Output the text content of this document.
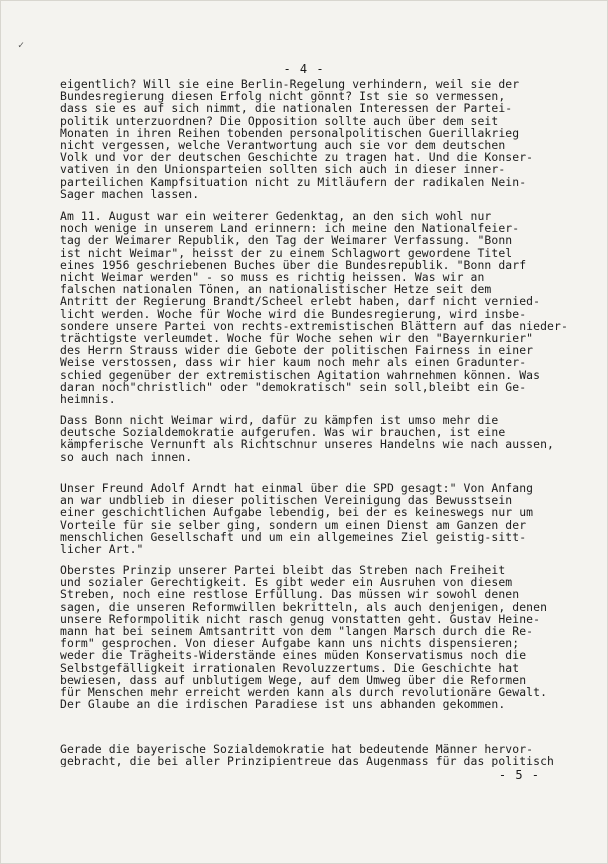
✓
- 4 -

eigentlich? Will sie eine Berlin-Regelung verhindern, weil sie der
Bundesregierung diesen Erfolg nicht gönnt? Ist sie so vermessen,
dass sie es auf sich nimmt, die nationalen Interessen der Partei-
politik unterzuordnen? Die Opposition sollte auch über dem seit
Monaten in ihren Reihen tobenden personalpolitischen Guerillakrieg
nicht vergessen, welche Verantwortung auch sie vor dem deutschen
Volk und vor der deutschen Geschichte zu tragen hat. Und die Konser-
vativen in den Unionsparteien sollten sich auch in dieser inner-
parteilichen Kampfsituation nicht zu Mitläufern der radikalen Nein-
Sager machen lassen.

Am 11. August war ein weiterer Gedenktag, an den sich wohl nur
noch wenige in unserem Land erinnern: ich meine den Nationalfeier-
tag der Weimarer Republik, den Tag der Weimarer Verfassung. "Bonn
ist nicht Weimar", heisst der zu einem Schlagwort gewordene Titel
eines 1956 geschriebenen Buches über die Bundesrepublik. "Bonn darf
nicht Weimar werden" - so muss es richtig heissen. Was wir an
falschen nationalen Tönen, an nationalistischer Hetze seit dem
Antritt der Regierung Brandt/Scheel erlebt haben, darf nicht vernied-
licht werden. Woche für Woche wird die Bundesregierung, wird insbe-
sondere unsere Partei von rechts-extremistischen Blättern auf das nieder-
trächtigste verleumdet. Woche für Woche sehen wir den "Bayernkurier"
des Herrn Strauss wider die Gebote der politischen Fairness in einer
Weise verstossen, dass wir hier kaum noch mehr als einen Gradunter-
schied gegenüber der extremistischen Agitation wahrnehmen können. Was
daran noch"christlich" oder "demokratisch" sein soll,bleibt ein Ge-
heimnis.

Dass Bonn nicht Weimar wird, dafür zu kämpfen ist umso mehr die
deutsche Sozialdemokratie aufgerufen. Was wir brauchen, ist eine
kämpferische Vernunft als Richtschnur unseres Handelns wie nach aussen,
so auch nach innen.

Unser Freund Adolf Arndt hat einmal über die SPD gesagt:" Von Anfang
an war undblieb in dieser politischen Vereinigung das Bewusstsein
einer geschichtlichen Aufgabe lebendig, bei der es keineswegs nur um
Vorteile für sie selber ging, sondern um einen Dienst am Ganzen der
menschlichen Gesellschaft und um ein allgemeines Ziel geistig-sitt-
licher Art."

Oberstes Prinzip unserer Partei bleibt das Streben nach Freiheit
und sozialer Gerechtigkeit. Es gibt weder ein Ausruhen von diesem
Streben, noch eine restlose Erfüllung. Das müssen wir sowohl denen
sagen, die unseren Reformwillen bekritteln, als auch denjenigen, denen
unsere Reformpolitik nicht rasch genug vonstatten geht. Gustav Heine-
mann hat bei seinem Amtsantritt von dem "langen Marsch durch die Re-
form" gesprochen. Von dieser Aufgabe kann uns nichts dispensieren;
weder die Trägheits-Widerstände eines müden Konservatismus noch die
Selbstgefälligkeit irrationalen Revoluzzertums. Die Geschichte hat
bewiesen, dass auf unblutigem Wege, auf dem Umweg über die Reformen
für Menschen mehr erreicht werden kann als durch revolutionäre Gewalt.
Der Glaube an die irdischen Paradiese ist uns abhanden gekommen.

Gerade die bayerische Sozialdemokratie hat bedeutende Männer hervor-
gebracht, die bei aller Prinzipientreue das Augenmass für das politisch

- 5 -
